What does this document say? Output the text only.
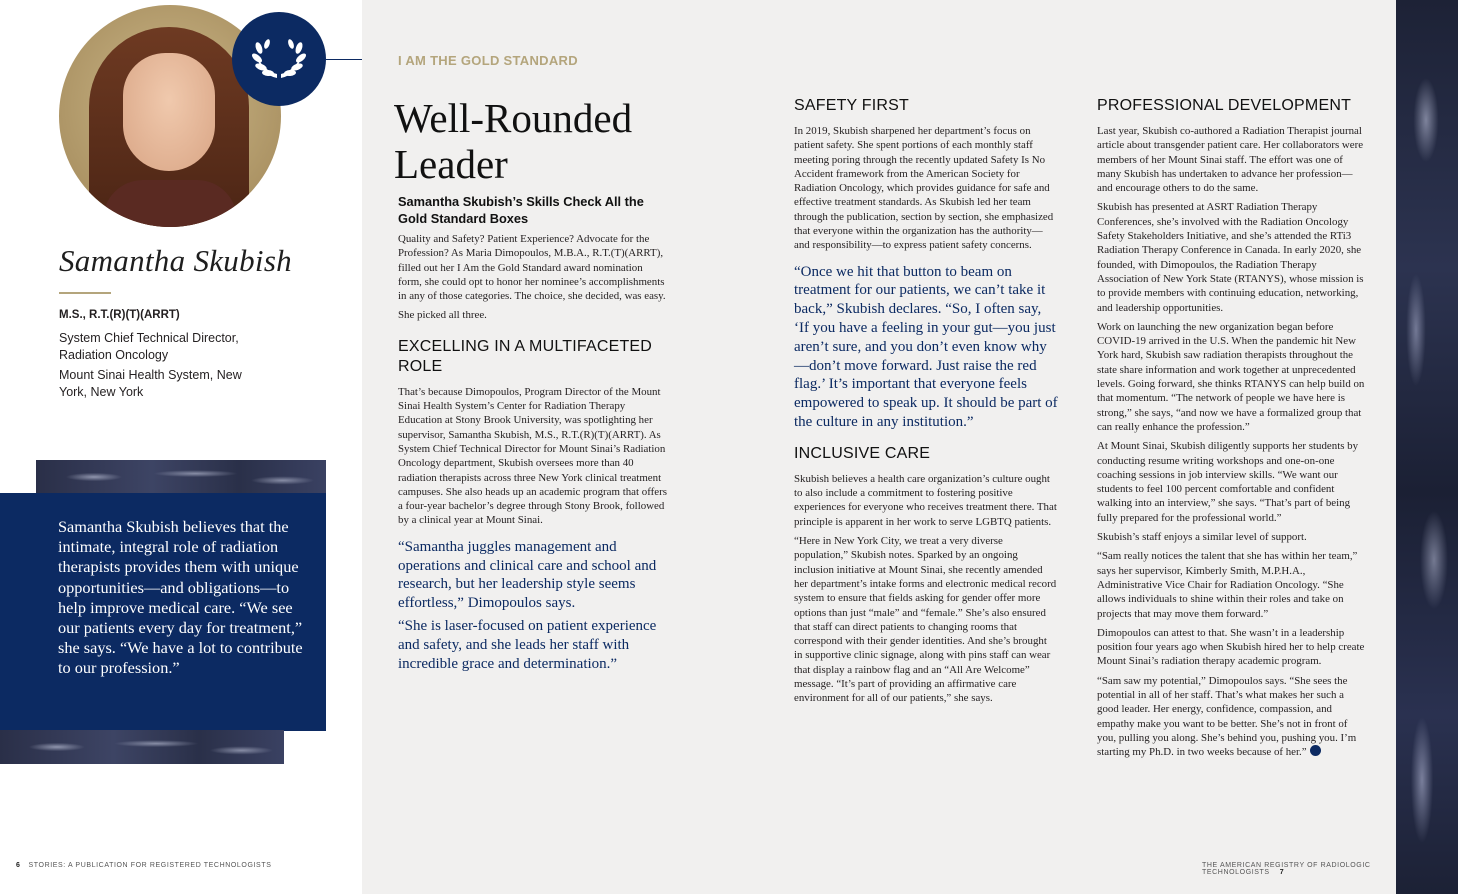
Samantha Skubish
M.S., R.T.(R)(T)(ARRT)
System Chief Technical Director, Radiation Oncology
Mount Sinai Health System, New York, New York

Samantha Skubish believes that the intimate, integral role of radiation therapists provides them with unique opportunities—and obligations—to help improve medical care. “We see our patients every day for treatment,” she says. “We have a lot to contribute to our profession.”

6 STORIES: A PUBLICATION FOR REGISTERED TECHNOLOGISTS
I AM THE GOLD STANDARD
Well-Rounded Leader
Samantha Skubish’s Skills Check All the Gold Standard Boxes

Quality and Safety? Patient Experience? Advocate for the Profession? As Maria Dimopoulos, M.B.A., R.T.(T)(ARRT), filled out her I Am the Gold Standard award nomination form, she could opt to honor her nominee’s accomplishments in any of those categories. The choice, she decided, was easy.

She picked all three.

EXCELLING IN A MULTIFACETED ROLE

That’s because Dimopoulos, Program Director of the Mount Sinai Health System’s Center for Radiation Therapy Education at Stony Brook University, was spotlighting her supervisor, Samantha Skubish, M.S., R.T.(R)(T)(ARRT). As System Chief Technical Director for Mount Sinai’s Radiation Oncology department, Skubish oversees more than 40 radiation therapists across three New York clinical treatment campuses. She also heads up an academic program that offers a four-year bachelor’s degree through Stony Brook, followed by a clinical year at Mount Sinai.

“Samantha juggles management and operations and clinical care and school and research, but her leadership style seems effortless,” Dimopoulos says.

“She is laser-focused on patient experience and safety, and she leads her staff with incredible grace and determination.”

SAFETY FIRST

In 2019, Skubish sharpened her department’s focus on patient safety. She spent portions of each monthly staff meeting poring through the recently updated Safety Is No Accident framework from the American Society for Radiation Oncology, which provides guidance for safe and effective treatment standards. As Skubish led her team through the publication, section by section, she emphasized that everyone within the organization has the authority—and responsibility—to express patient safety concerns.

“Once we hit that button to beam on treatment for our patients, we can’t take it back,” Skubish declares. “So, I often say, ‘If you have a feeling in your gut—you just aren’t sure, and you don’t even know why—don’t move forward. Just raise the red flag.’ It’s important that everyone feels empowered to speak up. It should be part of the culture in any institution.”

INCLUSIVE CARE

Skubish believes a health care organization’s culture ought to also include a commitment to fostering positive experiences for everyone who receives treatment there. That principle is apparent in her work to serve LGBTQ patients.

“Here in New York City, we treat a very diverse population,” Skubish notes. Sparked by an ongoing inclusion initiative at Mount Sinai, she recently amended her department’s intake forms and electronic medical record system to ensure that fields asking for gender offer more options than just “male” and “female.” She’s also ensured that staff can direct patients to changing rooms that correspond with their gender identities. And she’s brought in supportive clinic signage, along with pins staff can wear that display a rainbow flag and an “All Are Welcome” message. “It’s part of providing an affirmative care environment for all of our patients,” she says.

PROFESSIONAL DEVELOPMENT

Last year, Skubish co-authored a Radiation Therapist journal article about transgender patient care. Her collaborators were members of her Mount Sinai staff. The effort was one of many Skubish has undertaken to advance her profession—and encourage others to do the same.

Skubish has presented at ASRT Radiation Therapy Conferences, she’s involved with the Radiation Oncology Safety Stakeholders Initiative, and she’s attended the RTi3 Radiation Therapy Conference in Canada. In early 2020, she founded, with Dimopoulos, the Radiation Therapy Association of New York State (RTANYS), whose mission is to provide members with continuing education, networking, and leadership opportunities.

Work on launching the new organization began before COVID-19 arrived in the U.S. When the pandemic hit New York hard, Skubish saw radiation therapists throughout the state share information and work together at unprecedented levels. Going forward, she thinks RTANYS can help build on that momentum. “The network of people we have here is strong,” she says, “and now we have a formalized group that can really enhance the profession.”

At Mount Sinai, Skubish diligently supports her students by conducting resume writing workshops and one-on-one coaching sessions in job interview skills. “We want our students to feel 100 percent comfortable and confident walking into an interview,” she says. “That’s part of being fully prepared for the professional world.”

Skubish’s staff enjoys a similar level of support.

“Sam really notices the talent that she has within her team,” says her supervisor, Kimberly Smith, M.P.H.A., Administrative Vice Chair for Radiation Oncology. “She allows individuals to shine within their roles and take on projects that may move them forward.”

Dimopoulos can attest to that. She wasn’t in a leadership position four years ago when Skubish hired her to help create Mount Sinai’s radiation therapy academic program.

“Sam saw my potential,” Dimopoulos says. “She sees the potential in all of her staff. That’s what makes her such a good leader. Her energy, confidence, compassion, and empathy make you want to be better. She’s not in front of you, pulling you along. She’s behind you, pushing you. I’m starting my Ph.D. in two weeks because of her.”

THE AMERICAN REGISTRY OF RADIOLOGIC TECHNOLOGISTS 7
